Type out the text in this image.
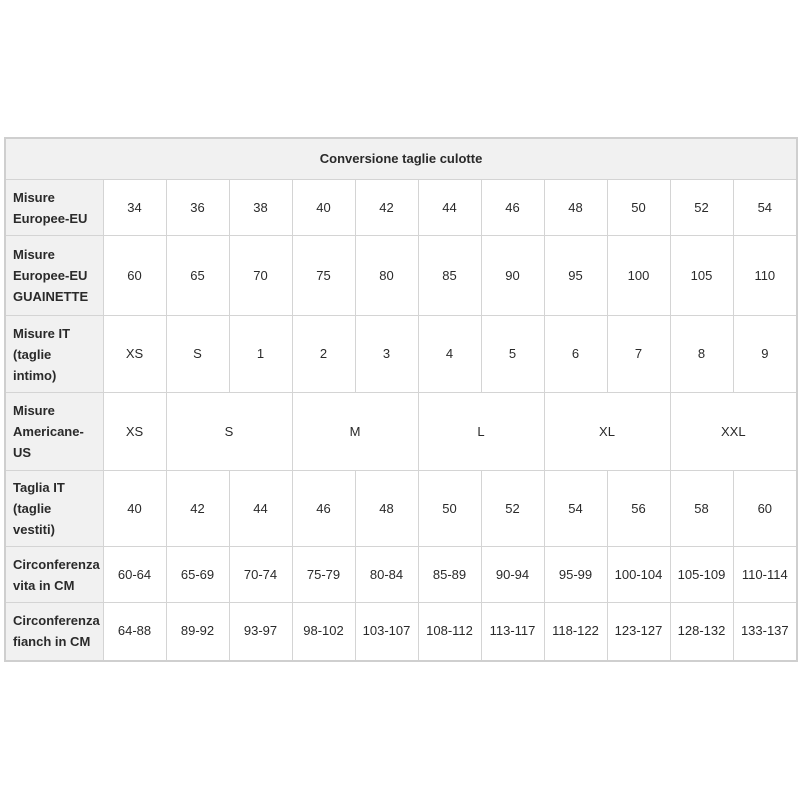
Conversione taglie culotte											

Misure
Europee-EU	34	36	38	40	42	44	46	48	50	52	54

Misure
Europee-EU
GUAINETTE	60	65	70	75	80	85	90	95	100	105	110

Misure IT
(taglie
intimo)	XS	S	1	2	3	4	5	6	7	8	9

Misure
Americane-
US	XS	S		M		L		XL		XXL	

Taglia IT
(taglie
vestiti)	40	42	44	46	48	50	52	54	56	58	60

Circonferenza
vita in CM	60-64	65-69	70-74	75-79	80-84	85-89	90-94	95-99	100-104	105-109	110-114

Circonferenza
fianch in CM	64-88	89-92	93-97	98-102	103-107	108-112	113-117	118-122	123-127	128-132	133-137
